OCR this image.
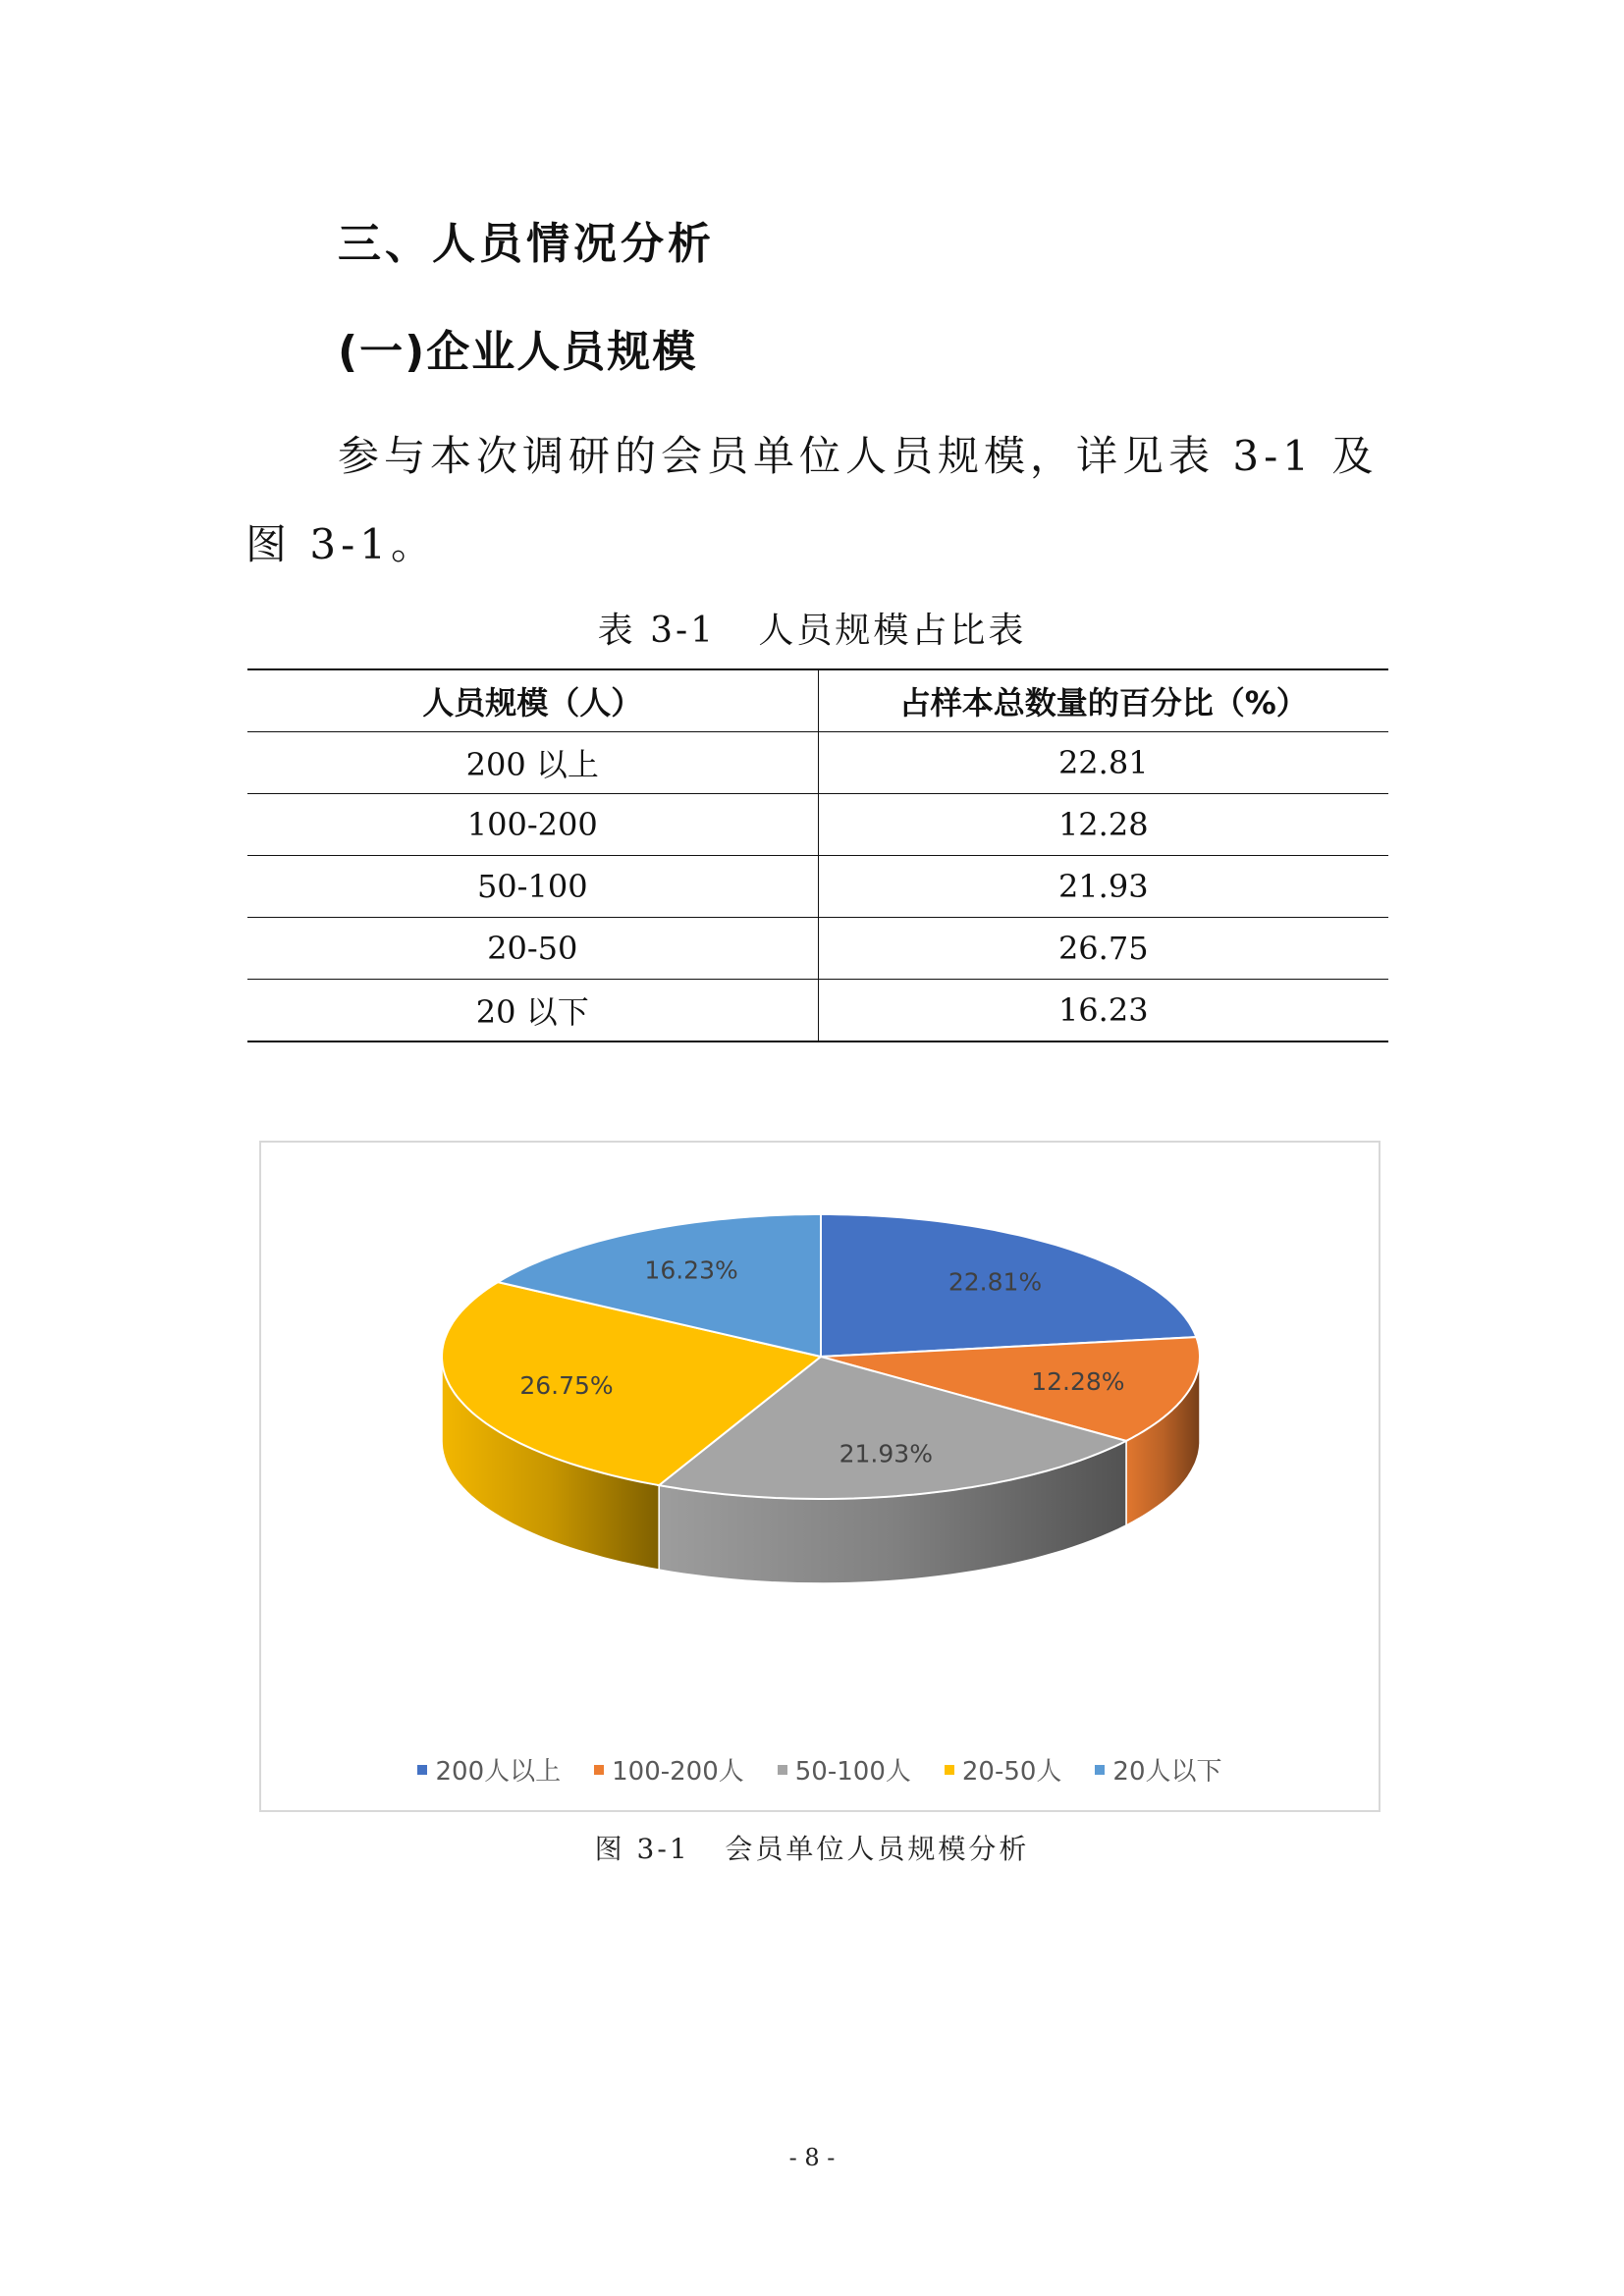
三、人员情况分析
(一)企业人员规模
参与本次调研的会员单位人员规模，详见表 3-1 及图 3-1。
表 3-1   人员规模占比表
人员规模（人）	占样本总数量的百分比（%）
200 以上	22.81
100-200	12.28
50-100	21.93
20-50	26.75
20 以下	16.23
22.81%
12.28%
21.93%
26.75%
16.23%
200人以上 100-200人 50-100人 20-50人 20人以下
图 3-1   会员单位人员规模分析
- 8 -
